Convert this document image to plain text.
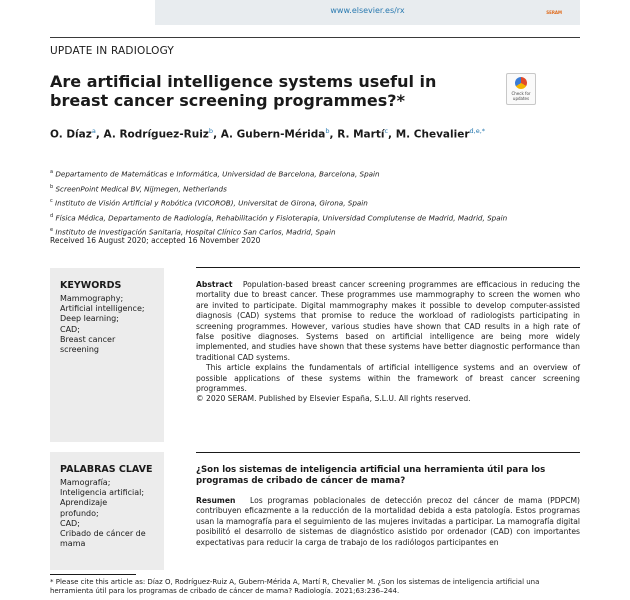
www.elsevier.es/rx	SERAM
UPDATE IN RADIOLOGY
Are artificial intelligence systems useful in breast cancer screening programmes?*	Check for updates
O. Díaz$^a$, A. Rodríguez-Ruiz$^b$, A. Gubern-Mérida$^b$, R. Martí$^c$, M. Chevalier$^{d,e,*}$
$^a$ Departamento de Matemáticas e Informática, Universidad de Barcelona, Barcelona, Spain
$^b$ ScreenPoint Medical BV, Nijmegen, Netherlands
$^c$ Instituto de Visión Artificial y Robótica (VICOROB), Universitat de Girona, Girona, Spain
$^d$ Física Médica, Departamento de Radiología, Rehabilitación y Fisioterapia, Universidad Complutense de Madrid, Madrid, Spain
$^e$ Instituto de Investigación Sanitaria, Hospital Clínico San Carlos, Madrid, Spain
Received 16 August 2020; accepted 16 November 2020
KEYWORDS
Mammography;
Artificial intelligence;
Deep learning;
CAD;
Breast cancer
screening
PALABRAS CLAVE
Mamografía;
Inteligencia artificial;
Aprendizaje
profundo;
CAD;
Cribado de cáncer de
mama
Abstract Population-based breast cancer screening programmes are efficacious in reducing the mortality due to breast cancer. These programmes use mammography to screen the women who are invited to participate. Digital mammography makes it possible to develop computer-assisted diagnosis (CAD) systems that promise to reduce the workload of radiologists participating in screening programmes. However, various studies have shown that CAD results in a high rate of false positive diagnoses. Systems based on artificial intelligence are being more widely implemented, and studies have shown that these systems have better diagnostic performance than traditional CAD systems.
This article explains the fundamentals of artificial intelligence systems and an overview of possible applications of these systems within the framework of breast cancer screening programmes.
© 2020 SERAM. Published by Elsevier España, S.L.U. All rights reserved.
¿Son los sistemas de inteligencia artificial una herramienta útil para los programas de cribado de cáncer de mama?
Resumen Los programas poblacionales de detección precoz del cáncer de mama (PDPCM) contribuyen eficazmente a la reducción de la mortalidad debida a esta patología. Estos programas usan la mamografía para el seguimiento de las mujeres invitadas a participar. La mamografía digital posibilitó el desarrollo de sistemas de diagnóstico asistido por ordenador (CAD) con importantes expectativas para reducir la carga de trabajo de los radiólogos participantes en
* Please cite this article as: Díaz O, Rodríguez-Ruiz A, Gubern-Mérida A, Martí R, Chevalier M. ¿Son los sistemas de inteligencia artificial una herramienta útil para los programas de cribado de cáncer de mama? Radiología. 2021;63:236–244.
